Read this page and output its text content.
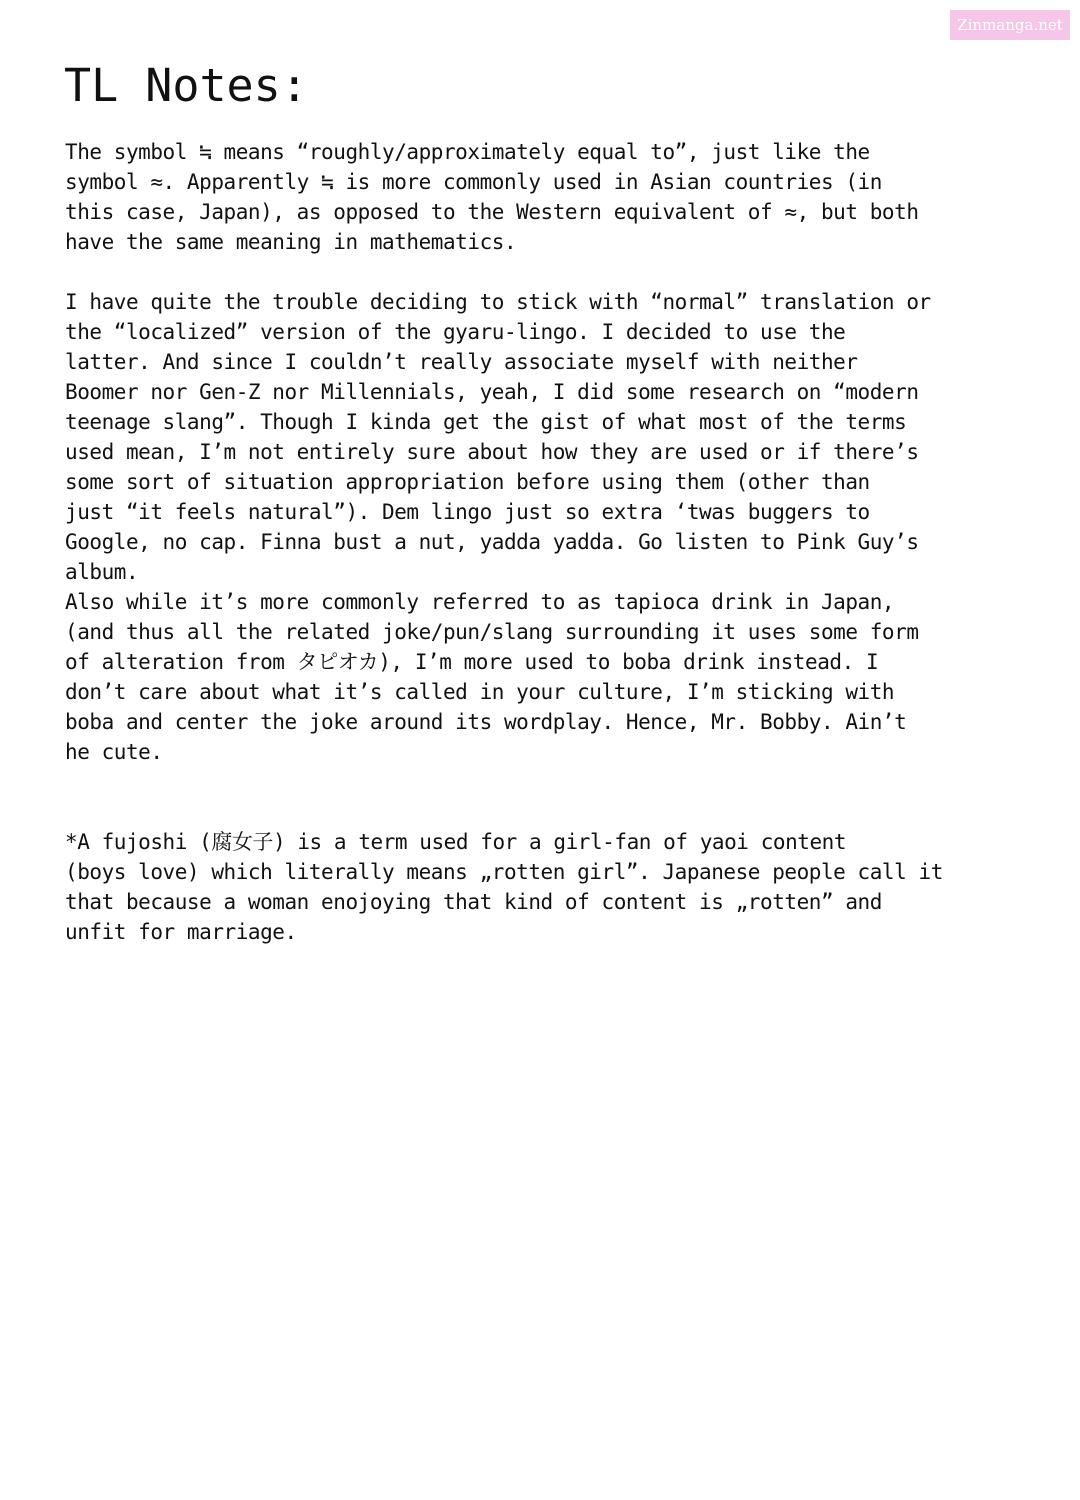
Zinmanga.net
TL Notes:
The symbol ≒ means “roughly/approximately equal to”, just like the
symbol ≈. Apparently ≒ is more commonly used in Asian countries (in
this case, Japan), as opposed to the Western equivalent of ≈, but both
have the same meaning in mathematics.
I have quite the trouble deciding to stick with “normal” translation or
the “localized” version of the gyaru-lingo. I decided to use the
latter. And since I couldn’t really associate myself with neither
Boomer nor Gen-Z nor Millennials, yeah, I did some research on “modern
teenage slang”. Though I kinda get the gist of what most of the terms
used mean, I’m not entirely sure about how they are used or if there’s
some sort of situation appropriation before using them (other than
just “it feels natural”). Dem lingo just so extra ‘twas buggers to
Google, no cap. Finna bust a nut, yadda yadda. Go listen to Pink Guy’s
album.
Also while it’s more commonly referred to as tapioca drink in Japan,
(and thus all the related joke/pun/slang surrounding it uses some form
of alteration from タピオカ), I’m more used to boba drink instead. I
don’t care about what it’s called in your culture, I’m sticking with
boba and center the joke around its wordplay. Hence, Mr. Bobby. Ain’t
he cute.
*A fujoshi (腐女子) is a term used for a girl-fan of yaoi content
(boys love) which literally means „rotten girl”. Japanese people call it
that because a woman enojoying that kind of content is „rotten” and
unfit for marriage.
